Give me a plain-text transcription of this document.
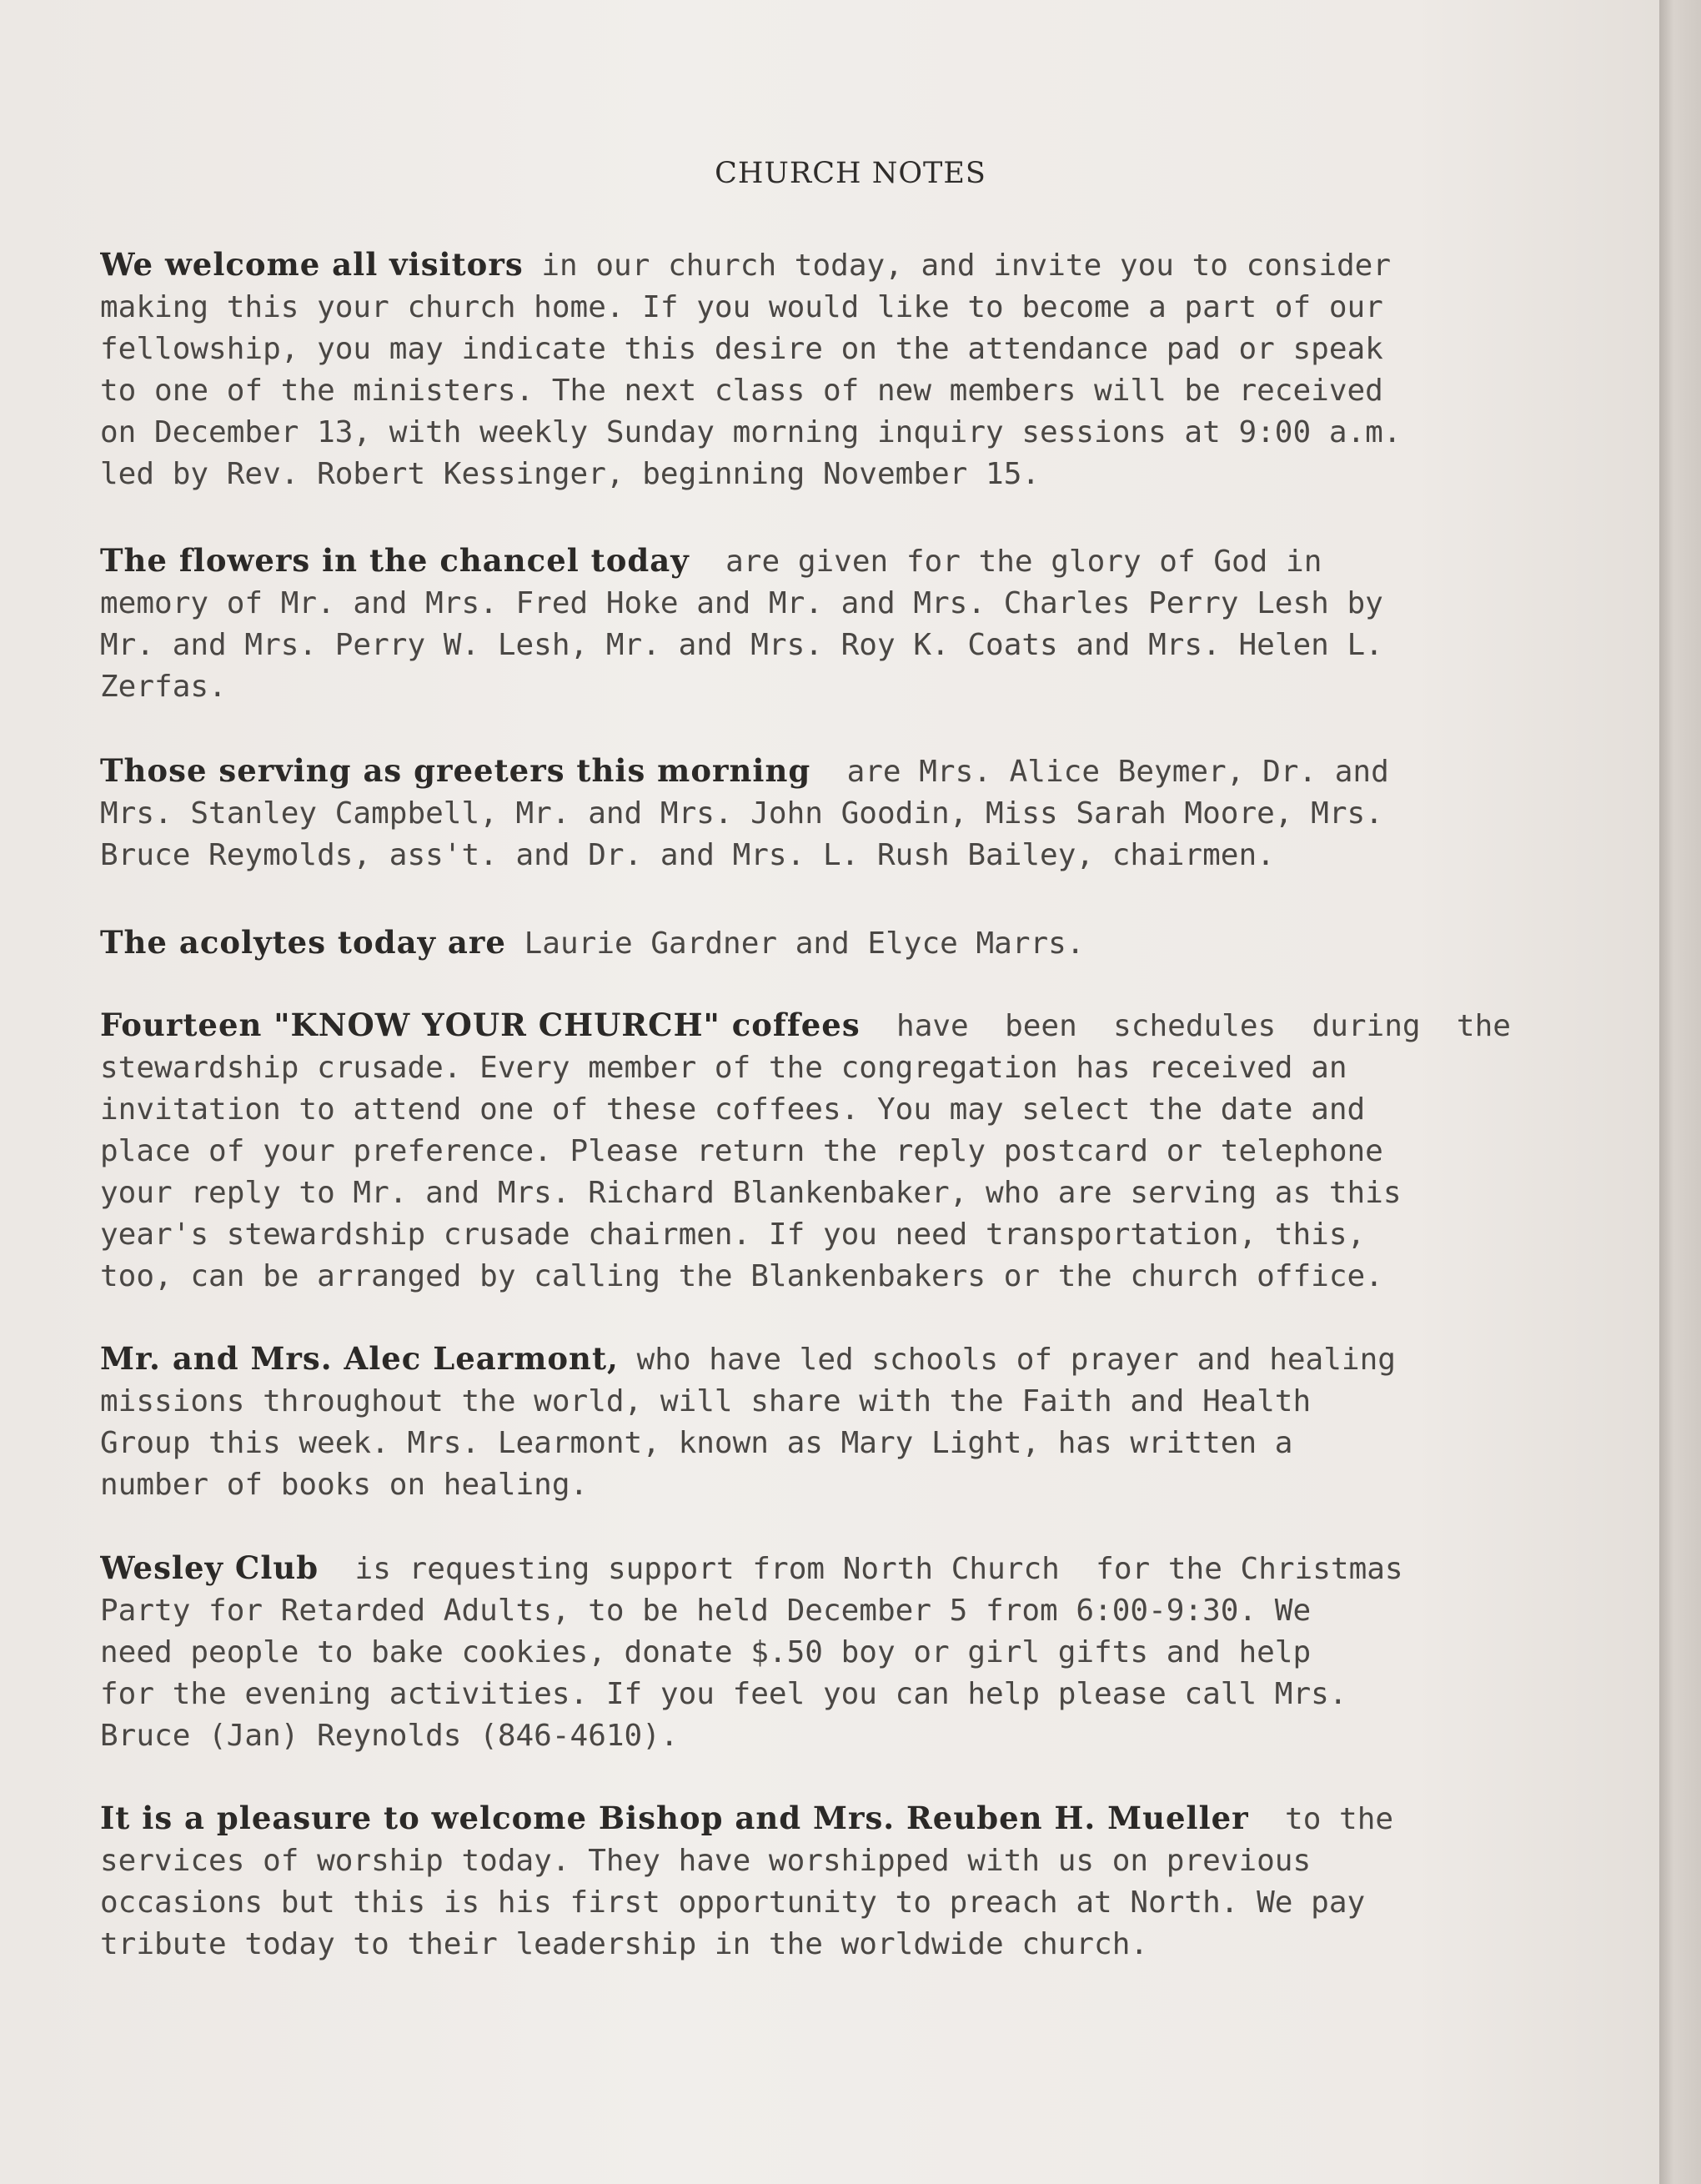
CHURCH NOTES
We welcome all visitors in our church today, and invite you to consider
making this your church home. If you would like to become a part of our
fellowship, you may indicate this desire on the attendance pad or speak
to one of the ministers. The next class of new members will be received
on December 13, with weekly Sunday morning inquiry sessions at 9:00 a.m.
led by Rev. Robert Kessinger, beginning November 15.
The flowers in the chancel today  are given for the glory of God in
memory of Mr. and Mrs. Fred Hoke and Mr. and Mrs. Charles Perry Lesh by
Mr. and Mrs. Perry W. Lesh, Mr. and Mrs. Roy K. Coats and Mrs. Helen L.
Zerfas.
Those serving as greeters this morning  are Mrs. Alice Beymer, Dr. and
Mrs. Stanley Campbell, Mr. and Mrs. John Goodin, Miss Sarah Moore, Mrs.
Bruce Reymolds, ass't. and Dr. and Mrs. L. Rush Bailey, chairmen.
The acolytes today are Laurie Gardner and Elyce Marrs.
Fourteen "KNOW YOUR CHURCH" coffees  have  been  schedules  during  the
stewardship crusade. Every member of the congregation has received an
invitation to attend one of these coffees. You may select the date and
place of your preference. Please return the reply postcard or telephone
your reply to Mr. and Mrs. Richard Blankenbaker, who are serving as this
year's stewardship crusade chairmen. If you need transportation, this,
too, can be arranged by calling the Blankenbakers or the church office.
Mr. and Mrs. Alec Learmont, who have led schools of prayer and healing
missions throughout the world, will share with the Faith and Health
Group this week. Mrs. Learmont, known as Mary Light, has written a
number of books on healing.
Wesley Club  is requesting support from North Church  for the Christmas
Party for Retarded Adults, to be held December 5 from 6:00-9:30. We
need people to bake cookies, donate $.50 boy or girl gifts and help
for the evening activities. If you feel you can help please call Mrs.
Bruce (Jan) Reynolds (846-4610).
It is a pleasure to welcome Bishop and Mrs. Reuben H. Mueller  to the
services of worship today. They have worshipped with us on previous
occasions but this is his first opportunity to preach at North. We pay
tribute today to their leadership in the worldwide church.
